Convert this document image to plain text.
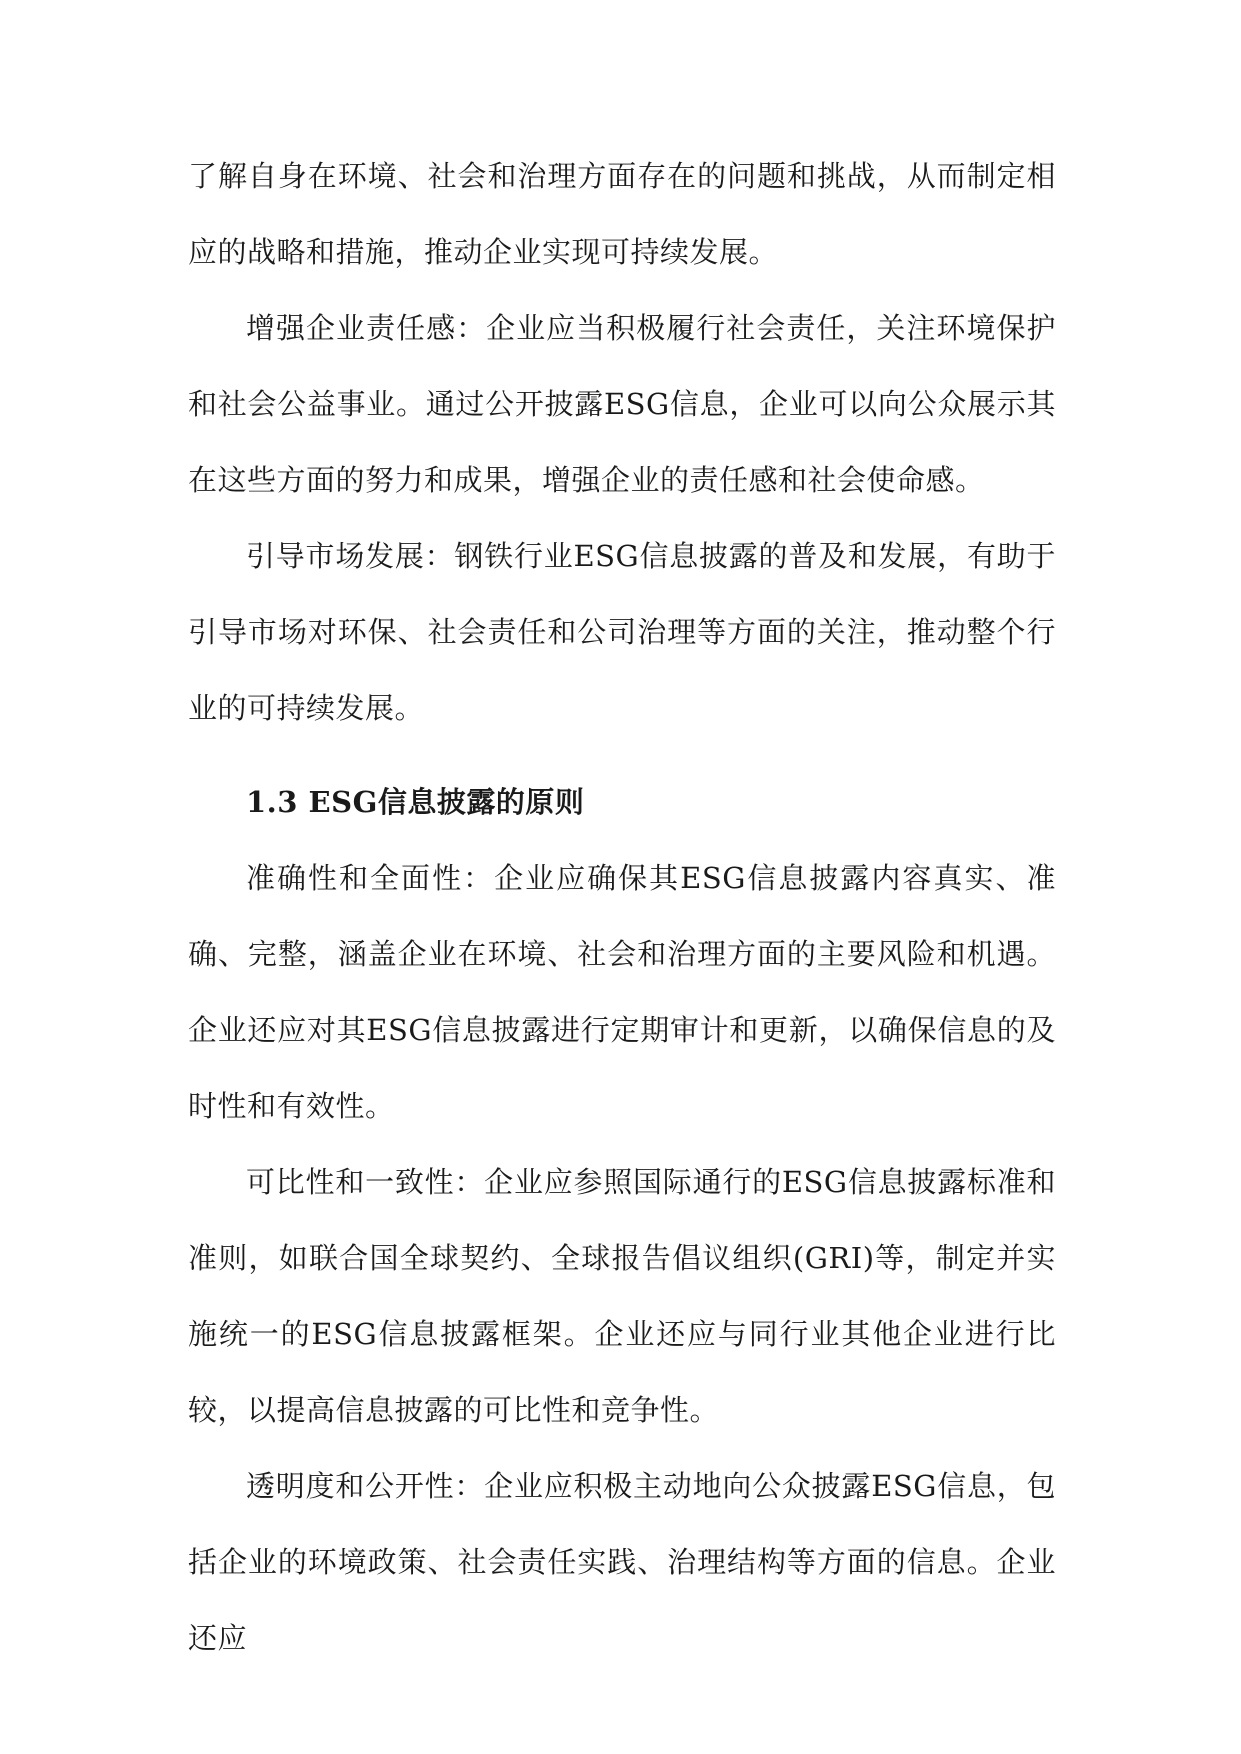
了解自身在环境、社会和治理方面存在的问题和挑战，从而制定相应的战略和措施，推动企业实现可持续发展。

增强企业责任感：企业应当积极履行社会责任，关注环境保护和社会公益事业。通过公开披露ESG信息，企业可以向公众展示其在这些方面的努力和成果，增强企业的责任感和社会使命感。

引导市场发展：钢铁行业ESG信息披露的普及和发展，有助于引导市场对环保、社会责任和公司治理等方面的关注，推动整个行业的可持续发展。

1.3 ESG信息披露的原则

准确性和全面性：企业应确保其ESG信息披露内容真实、准确、完整，涵盖企业在环境、社会和治理方面的主要风险和机遇。企业还应对其ESG信息披露进行定期审计和更新，以确保信息的及时性和有效性。

可比性和一致性：企业应参照国际通行的ESG信息披露标准和准则，如联合国全球契约、全球报告倡议组织(GRI)等，制定并实施统一的ESG信息披露框架。企业还应与同行业其他企业进行比较，以提高信息披露的可比性和竞争性。

透明度和公开性：企业应积极主动地向公众披露ESG信息，包括企业的环境政策、社会责任实践、治理结构等方面的信息。企业还应
